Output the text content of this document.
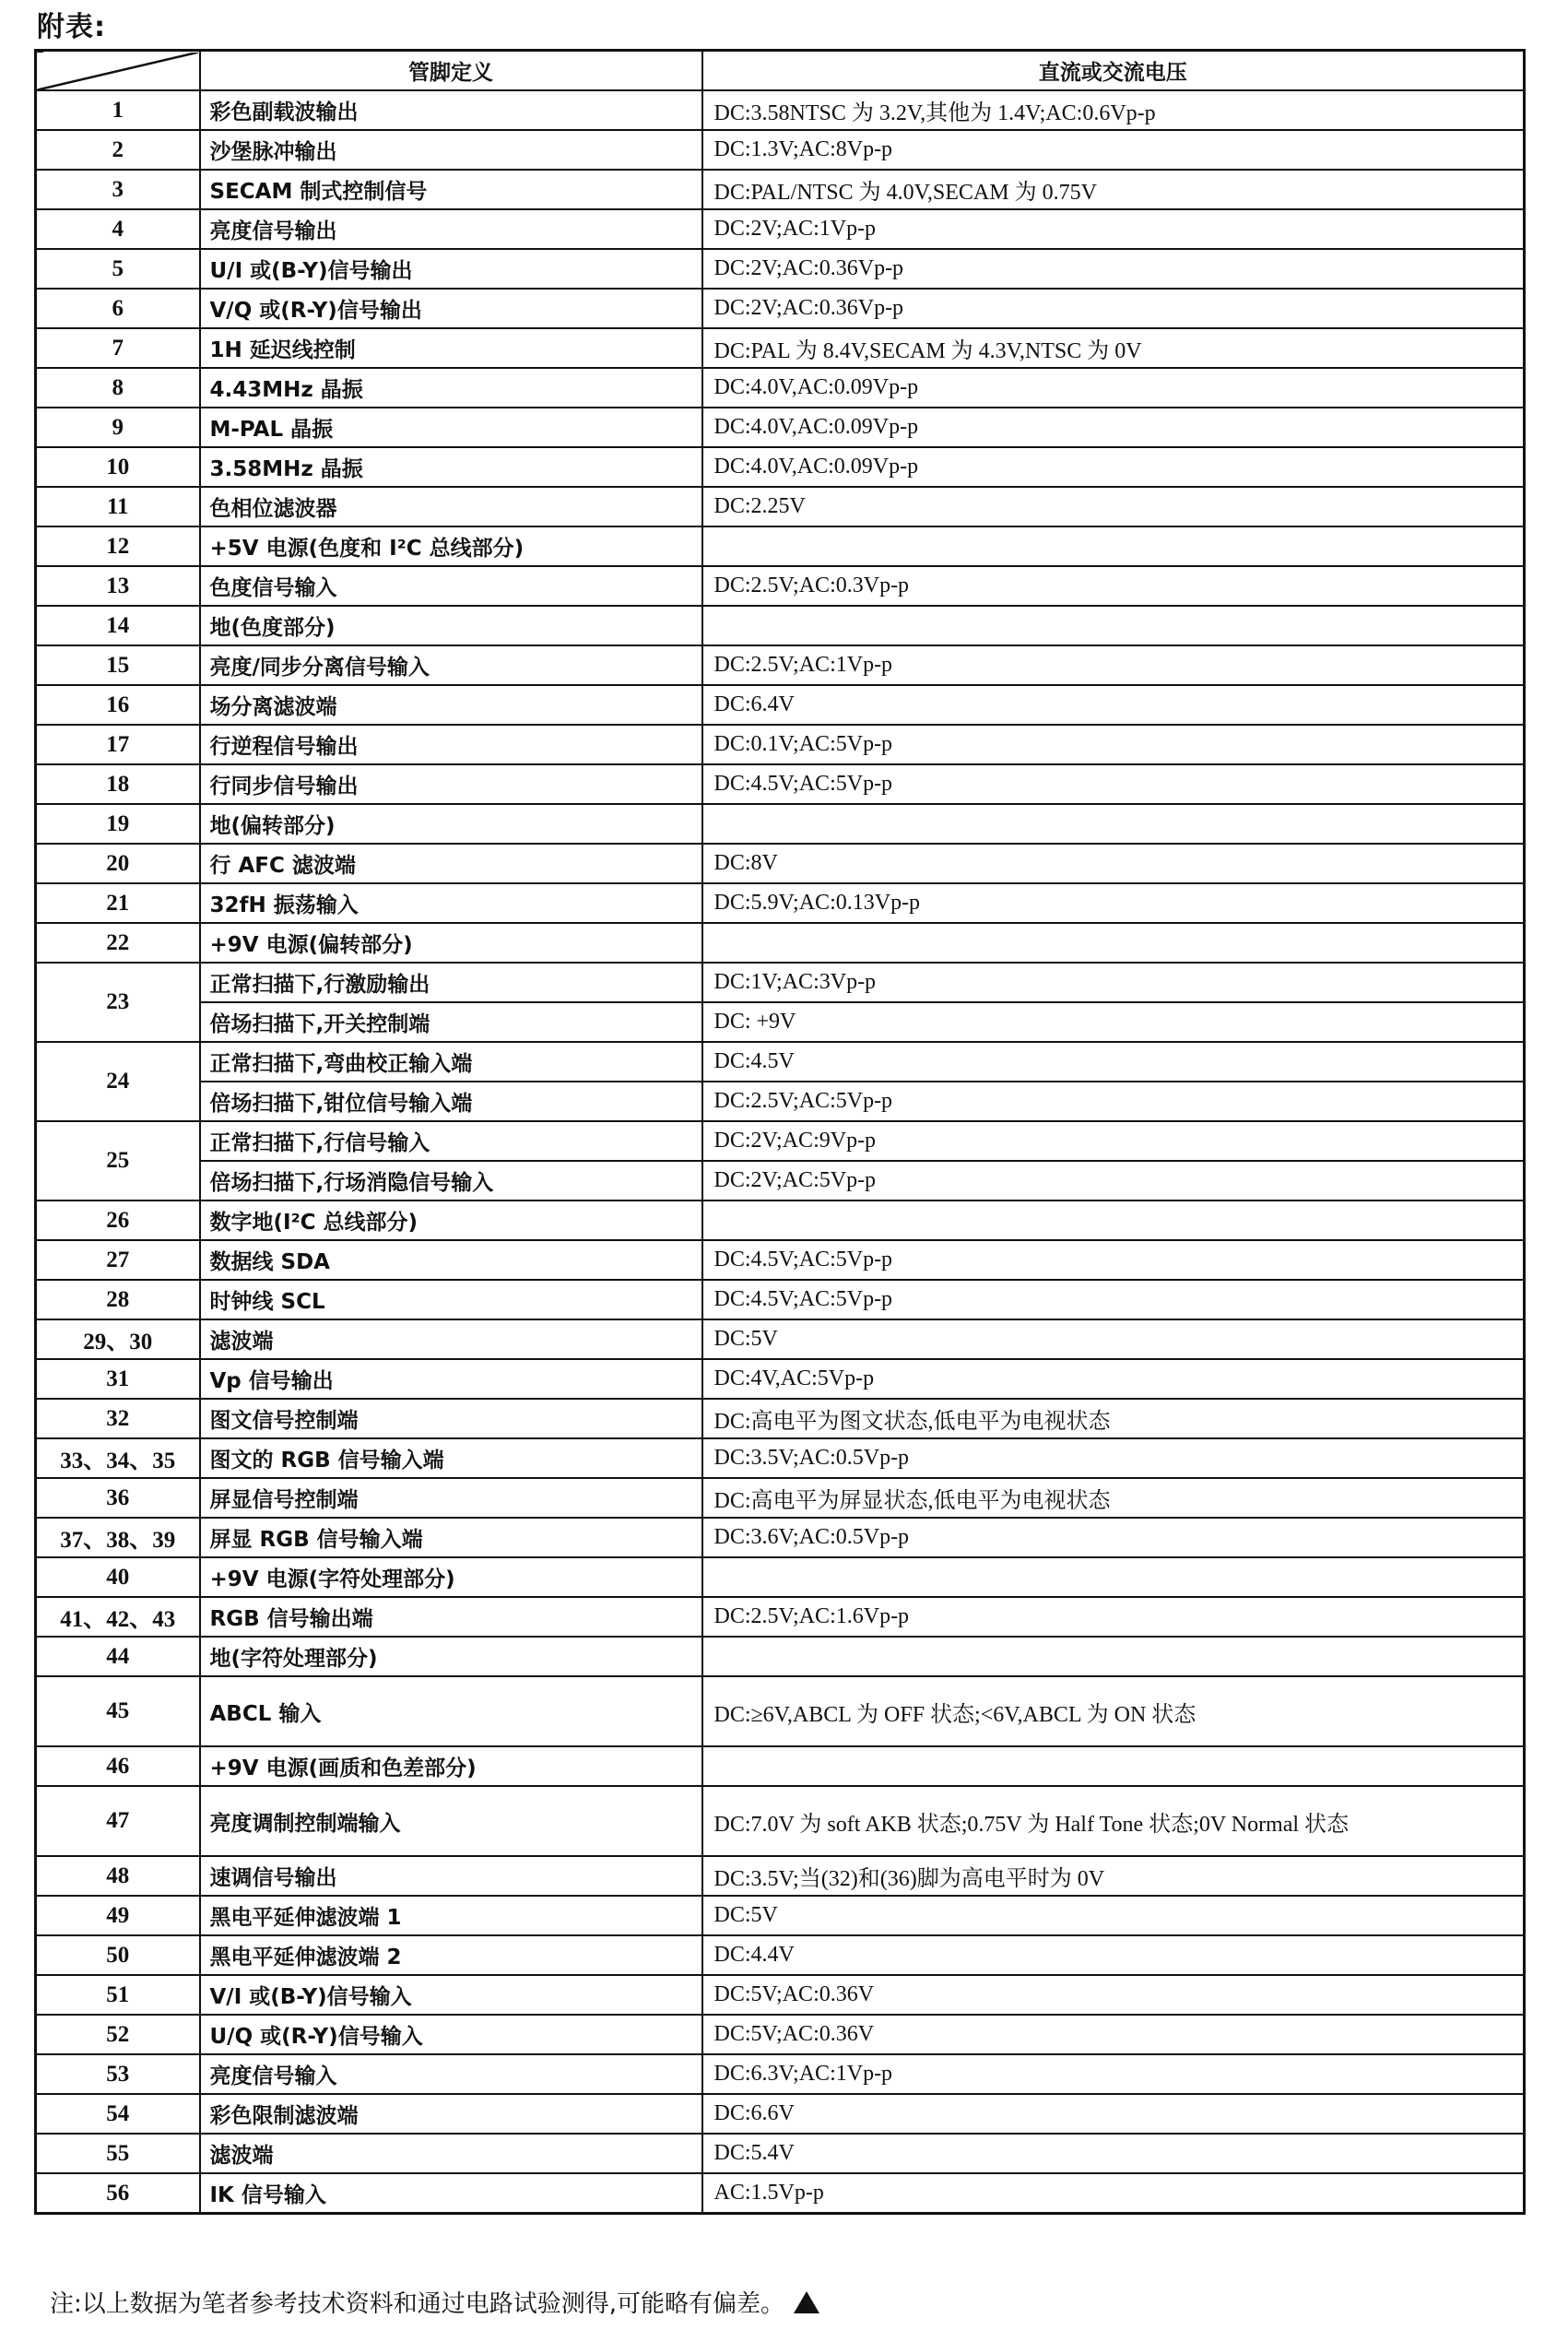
附表:
	管脚定义	直流或交流电压
1	彩色副载波输出	DC:3.58NTSC 为 3.2V,其他为 1.4V;AC:0.6Vp-p
2	沙堡脉冲输出	DC:1.3V;AC:8Vp-p
3	SECAM 制式控制信号	DC:PAL/NTSC 为 4.0V,SECAM 为 0.75V
4	亮度信号输出	DC:2V;AC:1Vp-p
5	U/I 或(B-Y)信号输出	DC:2V;AC:0.36Vp-p
6	V/Q 或(R-Y)信号输出	DC:2V;AC:0.36Vp-p
7	1H 延迟线控制	DC:PAL 为 8.4V,SECAM 为 4.3V,NTSC 为 0V
8	4.43MHz 晶振	DC:4.0V,AC:0.09Vp-p
9	M-PAL 晶振	DC:4.0V,AC:0.09Vp-p
10	3.58MHz 晶振	DC:4.0V,AC:0.09Vp-p
11	色相位滤波器	DC:2.25V
12	+5V 电源(色度和 I²C 总线部分)	
13	色度信号输入	DC:2.5V;AC:0.3Vp-p
14	地(色度部分)	
15	亮度/同步分离信号输入	DC:2.5V;AC:1Vp-p
16	场分离滤波端	DC:6.4V
17	行逆程信号输出	DC:0.1V;AC:5Vp-p
18	行同步信号输出	DC:4.5V;AC:5Vp-p
19	地(偏转部分)	
20	行 AFC 滤波端	DC:8V
21	32fH 振荡输入	DC:5.9V;AC:0.13Vp-p
22	+9V 电源(偏转部分)	
23	正常扫描下,行激励输出	DC:1V;AC:3Vp-p
	倍场扫描下,开关控制端	DC: +9V
24	正常扫描下,弯曲校正输入端	DC:4.5V
	倍场扫描下,钳位信号输入端	DC:2.5V;AC:5Vp-p
25	正常扫描下,行信号输入	DC:2V;AC:9Vp-p
	倍场扫描下,行场消隐信号输入	DC:2V;AC:5Vp-p
26	数字地(I²C 总线部分)	
27	数据线 SDA	DC:4.5V;AC:5Vp-p
28	时钟线 SCL	DC:4.5V;AC:5Vp-p
29、30	滤波端	DC:5V
31	Vp 信号输出	DC:4V,AC:5Vp-p
32	图文信号控制端	DC:高电平为图文状态,低电平为电视状态
33、34、35	图文的 RGB 信号输入端	DC:3.5V;AC:0.5Vp-p
36	屏显信号控制端	DC:高电平为屏显状态,低电平为电视状态
37、38、39	屏显 RGB 信号输入端	DC:3.6V;AC:0.5Vp-p
40	+9V 电源(字符处理部分)	
41、42、43	RGB 信号输出端	DC:2.5V;AC:1.6Vp-p
44	地(字符处理部分)	
45	ABCL 输入	DC:≥6V,ABCL 为 OFF 状态;<6V,ABCL 为 ON 状态
46	+9V 电源(画质和色差部分)	
47	亮度调制控制端输入	DC:7.0V 为 soft AKB 状态;0.75V 为 Half Tone 状态;0V Normal 状态
48	速调信号输出	DC:3.5V;当(32)和(36)脚为高电平时为 0V
49	黑电平延伸滤波端 1	DC:5V
50	黑电平延伸滤波端 2	DC:4.4V
51	V/I 或(B-Y)信号输入	DC:5V;AC:0.36V
52	U/Q 或(R-Y)信号输入	DC:5V;AC:0.36V
53	亮度信号输入	DC:6.3V;AC:1Vp-p
54	彩色限制滤波端	DC:6.6V
55	滤波端	DC:5.4V
56	IK 信号输入	AC:1.5Vp-p
注:以上数据为笔者参考技术资料和通过电路试验测得,可能略有偏差。
